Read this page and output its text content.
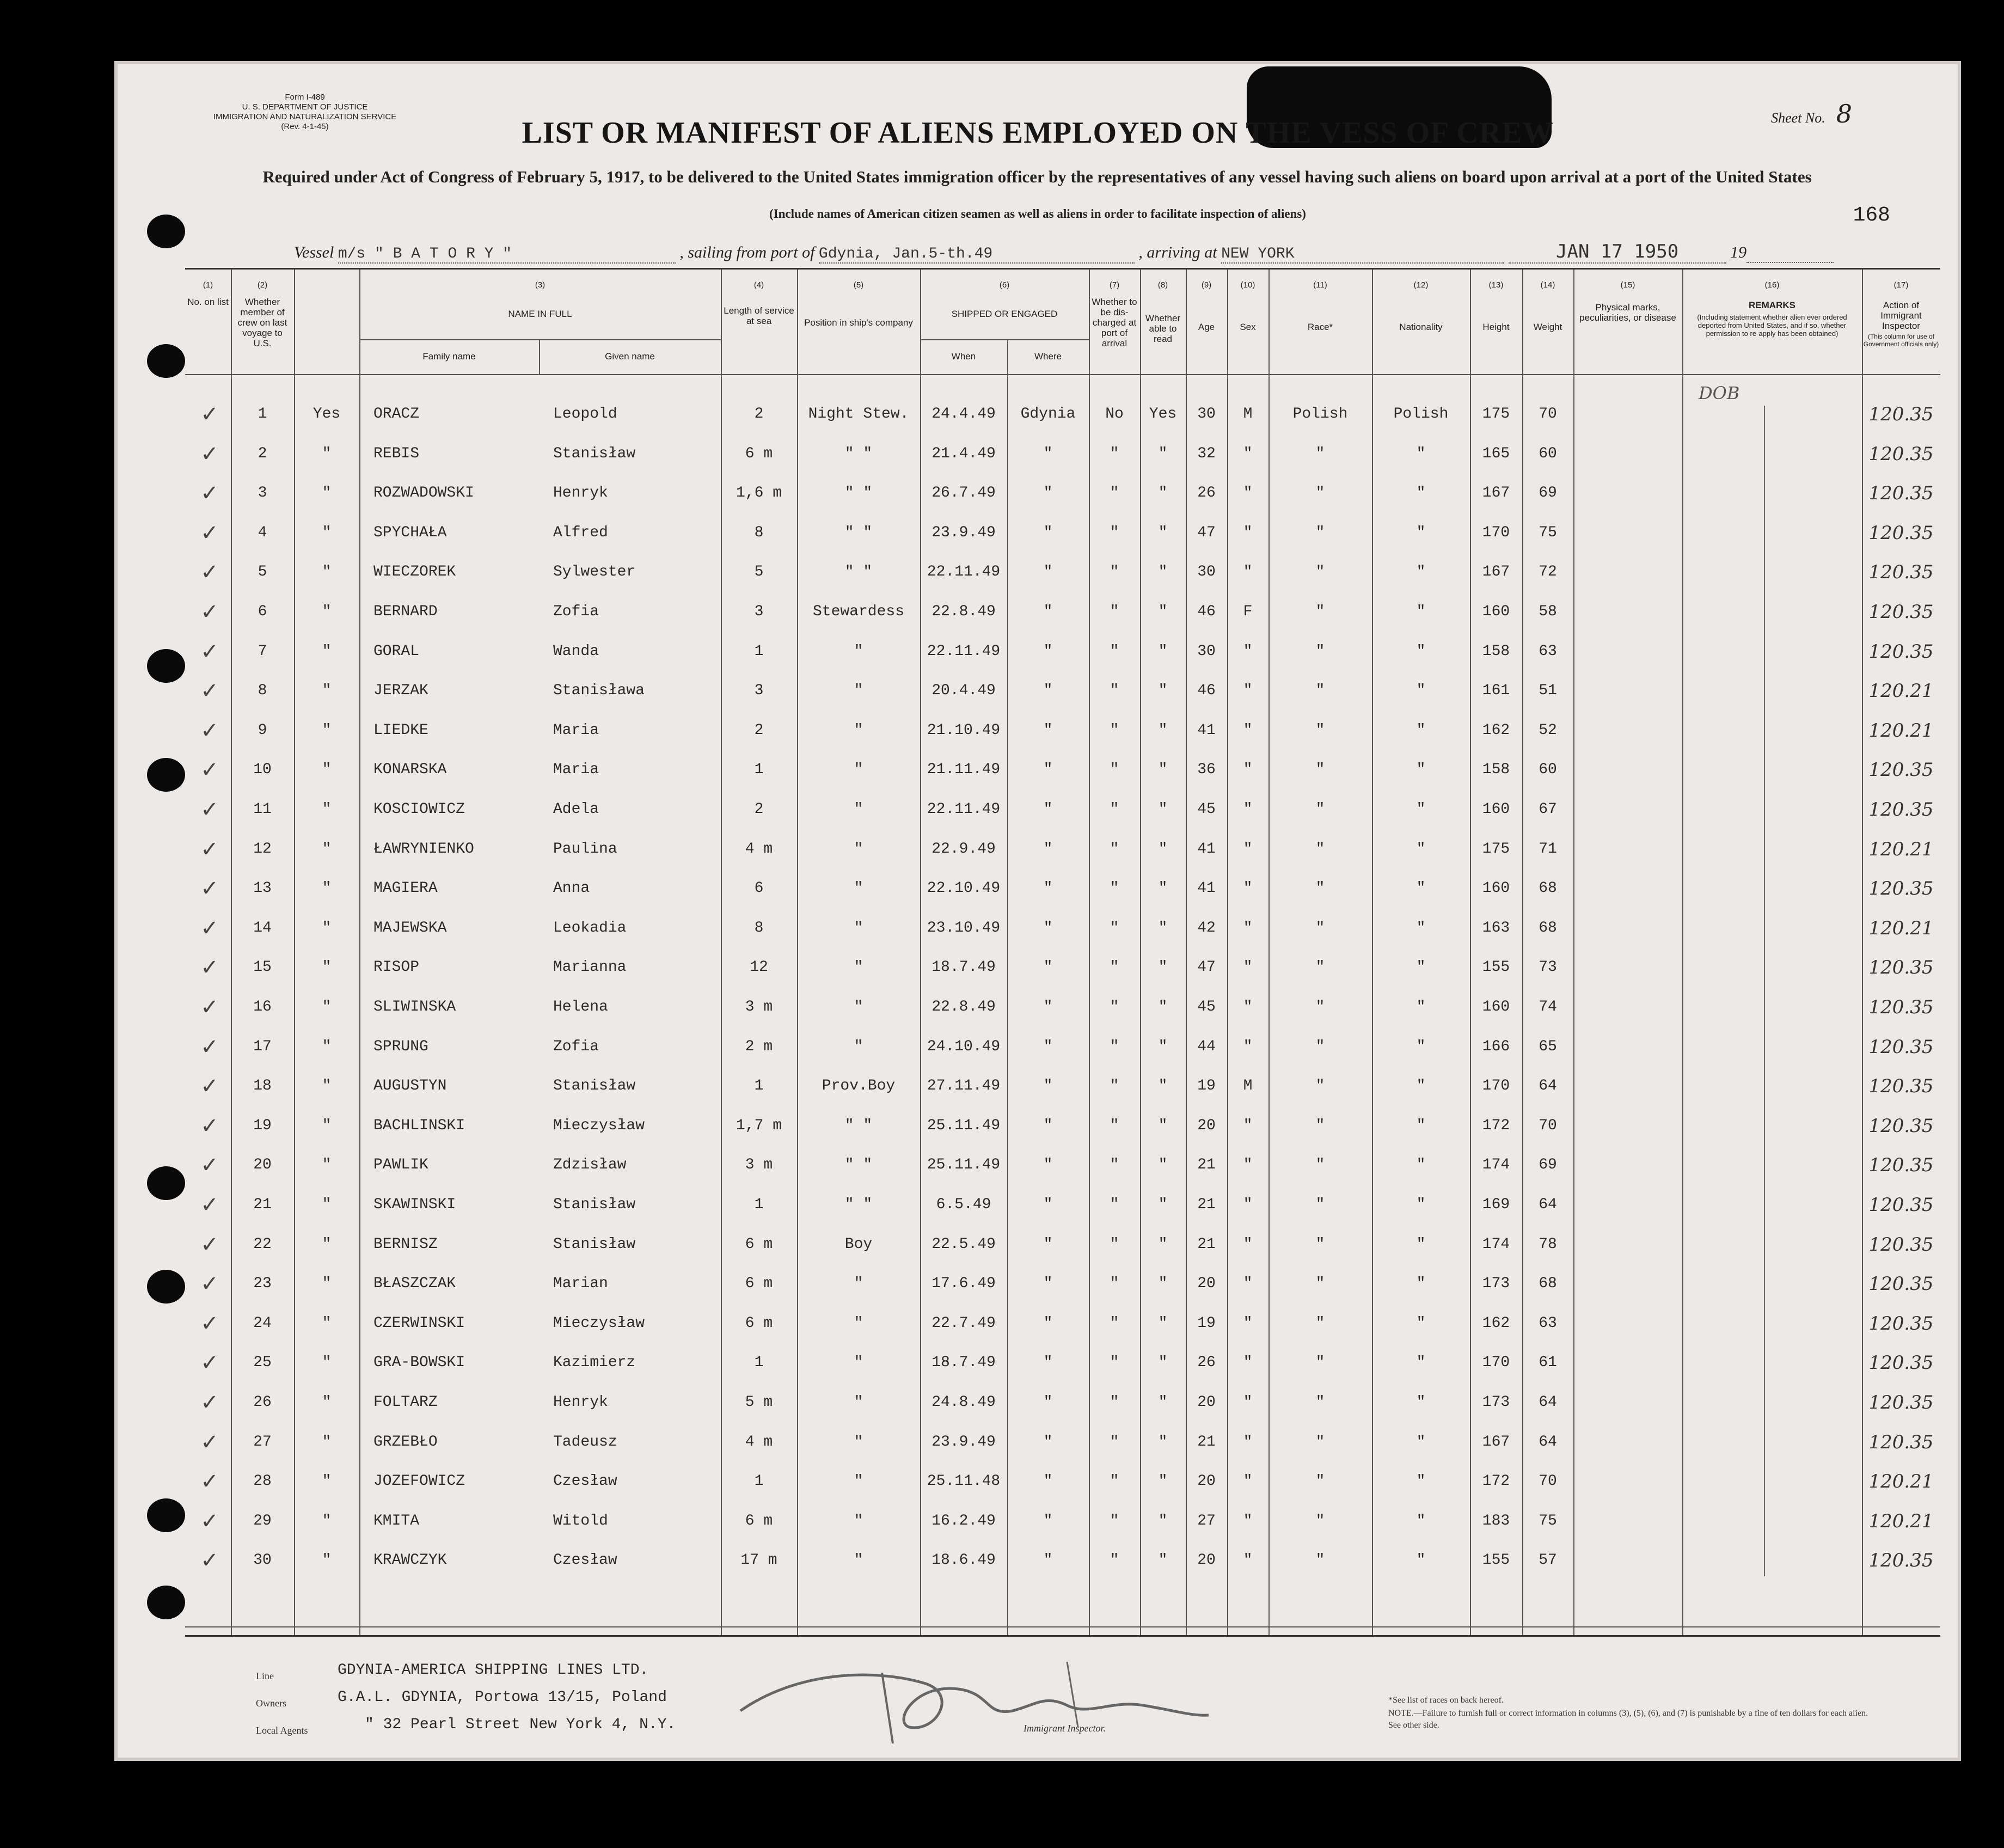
Form I-489
U. S. DEPARTMENT OF JUSTICE
IMMIGRATION AND NATURALIZATION SERVICE
(Rev. 4-1-45)
Sheet No. 8
LIST OR MANIFEST OF ALIENS EMPLOYED ON THE VESS OF CREW
Required under Act of Congress of February 5, 1917, to be delivered to the United States immigration officer by the representatives of any vessel having such aliens on board upon arrival at a port of the United States
(Include names of American citizen seamen as well as aliens in order to facilitate inspection of aliens)	168
Vessel m/s " B A T O R Y "	, sailing from port of Gdynia, Jan.5-th.49	, arriving at NEW YORK	JAN 17 1950	19
(1)
No. on list
(2)
Whether member of crew on last voyage to U.S.
(3)
NAME IN FULL
Family name	Given name
(4)
Length of service at sea
(5)
Position in ship's company
(6)
SHIPPED OR ENGAGED
When	Where
(7)
Whether to be dis-charged at port of arrival
(8)
Whether able to read
(9)
Age
(10)
Sex
(11)
Race*
(12)
Nationality
(13)
Height
(14)
Weight
(15)
Physical marks, peculiarities, or disease
(16)
REMARKS
(Including statement whether alien ever ordered deported from United States, and if so, whether permission to re-apply has been obtained)
(17)
Action of Immigrant Inspector
(This column for use of Government officials only)
DOB
✓	1	Yes	ORACZ	Leopold	2	Night Stew.	24.4.49	Gdynia	No	Yes	30	M	Polish	Polish	175	70	120.35
✓	2	"	REBIS	Stanisław	6 m	" "	21.4.49	"	"	"	32	"	"	"	165	60	120.35
✓	3	"	ROZWADOWSKI	Henryk	1,6 m	" "	26.7.49	"	"	"	26	"	"	"	167	69	120.35
✓	4	"	SPYCHAŁA	Alfred	8	" "	23.9.49	"	"	"	47	"	"	"	170	75	120.35
✓	5	"	WIECZOREK	Sylwester	5	" "	22.11.49	"	"	"	30	"	"	"	167	72	120.35
✓	6	"	BERNARD	Zofia	3	Stewardess	22.8.49	"	"	"	46	F	"	"	160	58	120.35
✓	7	"	GORAL	Wanda	1	"	22.11.49	"	"	"	30	"	"	"	158	63	120.35
✓	8	"	JERZAK	Stanisława	3	"	20.4.49	"	"	"	46	"	"	"	161	51	120.21
✓	9	"	LIEDKE	Maria	2	"	21.10.49	"	"	"	41	"	"	"	162	52	120.21
✓	10	"	KONARSKA	Maria	1	"	21.11.49	"	"	"	36	"	"	"	158	60	120.35
✓	11	"	KOSCIOWICZ	Adela	2	"	22.11.49	"	"	"	45	"	"	"	160	67	120.35
✓	12	"	ŁAWRYNIENKO	Paulina	4 m	"	22.9.49	"	"	"	41	"	"	"	175	71	120.21
✓	13	"	MAGIERA	Anna	6	"	22.10.49	"	"	"	41	"	"	"	160	68	120.35
✓	14	"	MAJEWSKA	Leokadia	8	"	23.10.49	"	"	"	42	"	"	"	163	68	120.21
✓	15	"	RISOP	Marianna	12	"	18.7.49	"	"	"	47	"	"	"	155	73	120.35
✓	16	"	SLIWINSKA	Helena	3 m	"	22.8.49	"	"	"	45	"	"	"	160	74	120.35
✓	17	"	SPRUNG	Zofia	2 m	"	24.10.49	"	"	"	44	"	"	"	166	65	120.35
✓	18	"	AUGUSTYN	Stanisław	1	Prov.Boy	27.11.49	"	"	"	19	M	"	"	170	64	120.35
✓	19	"	BACHLINSKI	Mieczysław	1,7 m	" "	25.11.49	"	"	"	20	"	"	"	172	70	120.35
✓	20	"	PAWLIK	Zdzisław	3 m	" "	25.11.49	"	"	"	21	"	"	"	174	69	120.35
✓	21	"	SKAWINSKI	Stanisław	1	" "	6.5.49	"	"	"	21	"	"	"	169	64	120.35
✓	22	"	BERNISZ	Stanisław	6 m	Boy	22.5.49	"	"	"	21	"	"	"	174	78	120.35
✓	23	"	BŁASZCZAK	Marian	6 m	"	17.6.49	"	"	"	20	"	"	"	173	68	120.35
✓	24	"	CZERWINSKI	Mieczysław	6 m	"	22.7.49	"	"	"	19	"	"	"	162	63	120.35
✓	25	"	GRA-BOWSKI	Kazimierz	1	"	18.7.49	"	"	"	26	"	"	"	170	61	120.35
✓	26	"	FOLTARZ	Henryk	5 m	"	24.8.49	"	"	"	20	"	"	"	173	64	120.35
✓	27	"	GRZEBŁO	Tadeusz	4 m	"	23.9.49	"	"	"	21	"	"	"	167	64	120.35
✓	28	"	JOZEFOWICZ	Czesław	1	"	25.11.48	"	"	"	20	"	"	"	172	70	120.21
✓	29	"	KMITA	Witold	6 m	"	16.2.49	"	"	"	27	"	"	"	183	75	120.21
✓	30	"	KRAWCZYK	Czesław	17 m	"	18.6.49	"	"	"	20	"	"	"	155	57	120.35
Line	GDYNIA-AMERICA SHIPPING LINES LTD.
Owners	G.A.L. GDYNIA, Portowa 13/15, Poland
Local Agents	" 32 Pearl Street New York 4, N.Y.	Immigrant Inspector.
*See list of races on back hereof.
NOTE.—Failure to furnish full or correct information in columns (3), (5), (6), and (7) is punishable by a fine of ten dollars for each alien. See other side.
